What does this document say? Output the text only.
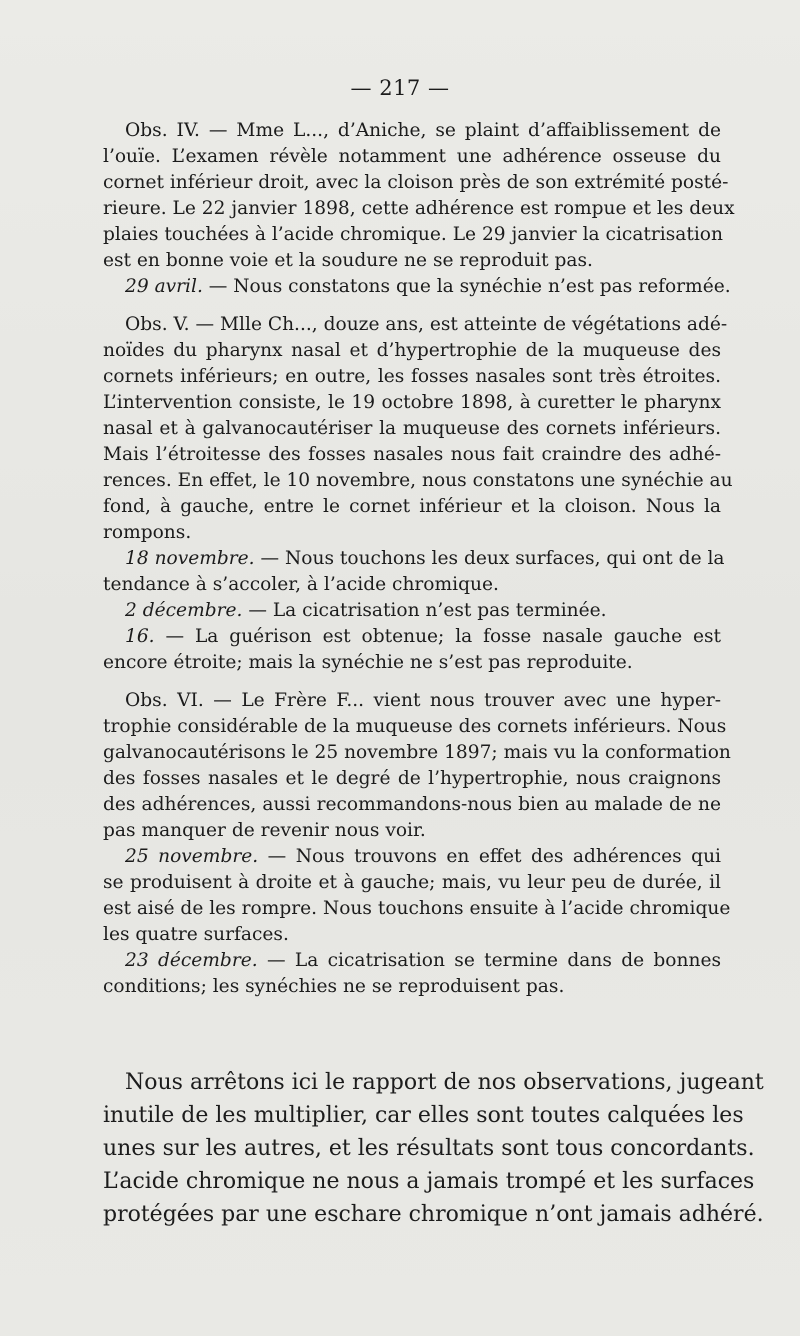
— 217 —
Obs. IV. — Mme L..., d’Aniche, se plaint d’affaiblissement de
l’ouïe. L’examen révèle notamment une adhérence osseuse du
cornet inférieur droit, avec la cloison près de son extrémité posté-
rieure. Le 22 janvier 1898, cette adhérence est rompue et les deux
plaies touchées à l’acide chromique. Le 29 janvier la cicatrisation
est en bonne voie et la soudure ne se reproduit pas.
29 avril. — Nous constatons que la synéchie n’est pas reformée.
Obs. V. — Mlle Ch..., douze ans, est atteinte de végétations adé-
noïdes du pharynx nasal et d’hypertrophie de la muqueuse des
cornets inférieurs; en outre, les fosses nasales sont très étroites.
L’intervention consiste, le 19 octobre 1898, à curetter le pharynx
nasal et à galvanocautériser la muqueuse des cornets inférieurs.
Mais l’étroitesse des fosses nasales nous fait craindre des adhé-
rences. En effet, le 10 novembre, nous constatons une synéchie au
fond, à gauche, entre le cornet inférieur et la cloison. Nous la
rompons.
18 novembre. — Nous touchons les deux surfaces, qui ont de la
tendance à s’accoler, à l’acide chromique.
2 décembre. — La cicatrisation n’est pas terminée.
16. — La guérison est obtenue; la fosse nasale gauche est
encore étroite; mais la synéchie ne s’est pas reproduite.
Obs. VI. — Le Frère F... vient nous trouver avec une hyper-
trophie considérable de la muqueuse des cornets inférieurs. Nous
galvanocautérisons le 25 novembre 1897; mais vu la conformation
des fosses nasales et le degré de l’hypertrophie, nous craignons
des adhérences, aussi recommandons-nous bien au malade de ne
pas manquer de revenir nous voir.
25 novembre. — Nous trouvons en effet des adhérences qui
se produisent à droite et à gauche; mais, vu leur peu de durée, il
est aisé de les rompre. Nous touchons ensuite à l’acide chromique
les quatre surfaces.
23 décembre. — La cicatrisation se termine dans de bonnes
conditions; les synéchies ne se reproduisent pas.
Nous arrêtons ici le rapport de nos observations, jugeant
inutile de les multiplier, car elles sont toutes calquées les
unes sur les autres, et les résultats sont tous concordants.
L’acide chromique ne nous a jamais trompé et les surfaces
protégées par une eschare chromique n’ont jamais adhéré.
